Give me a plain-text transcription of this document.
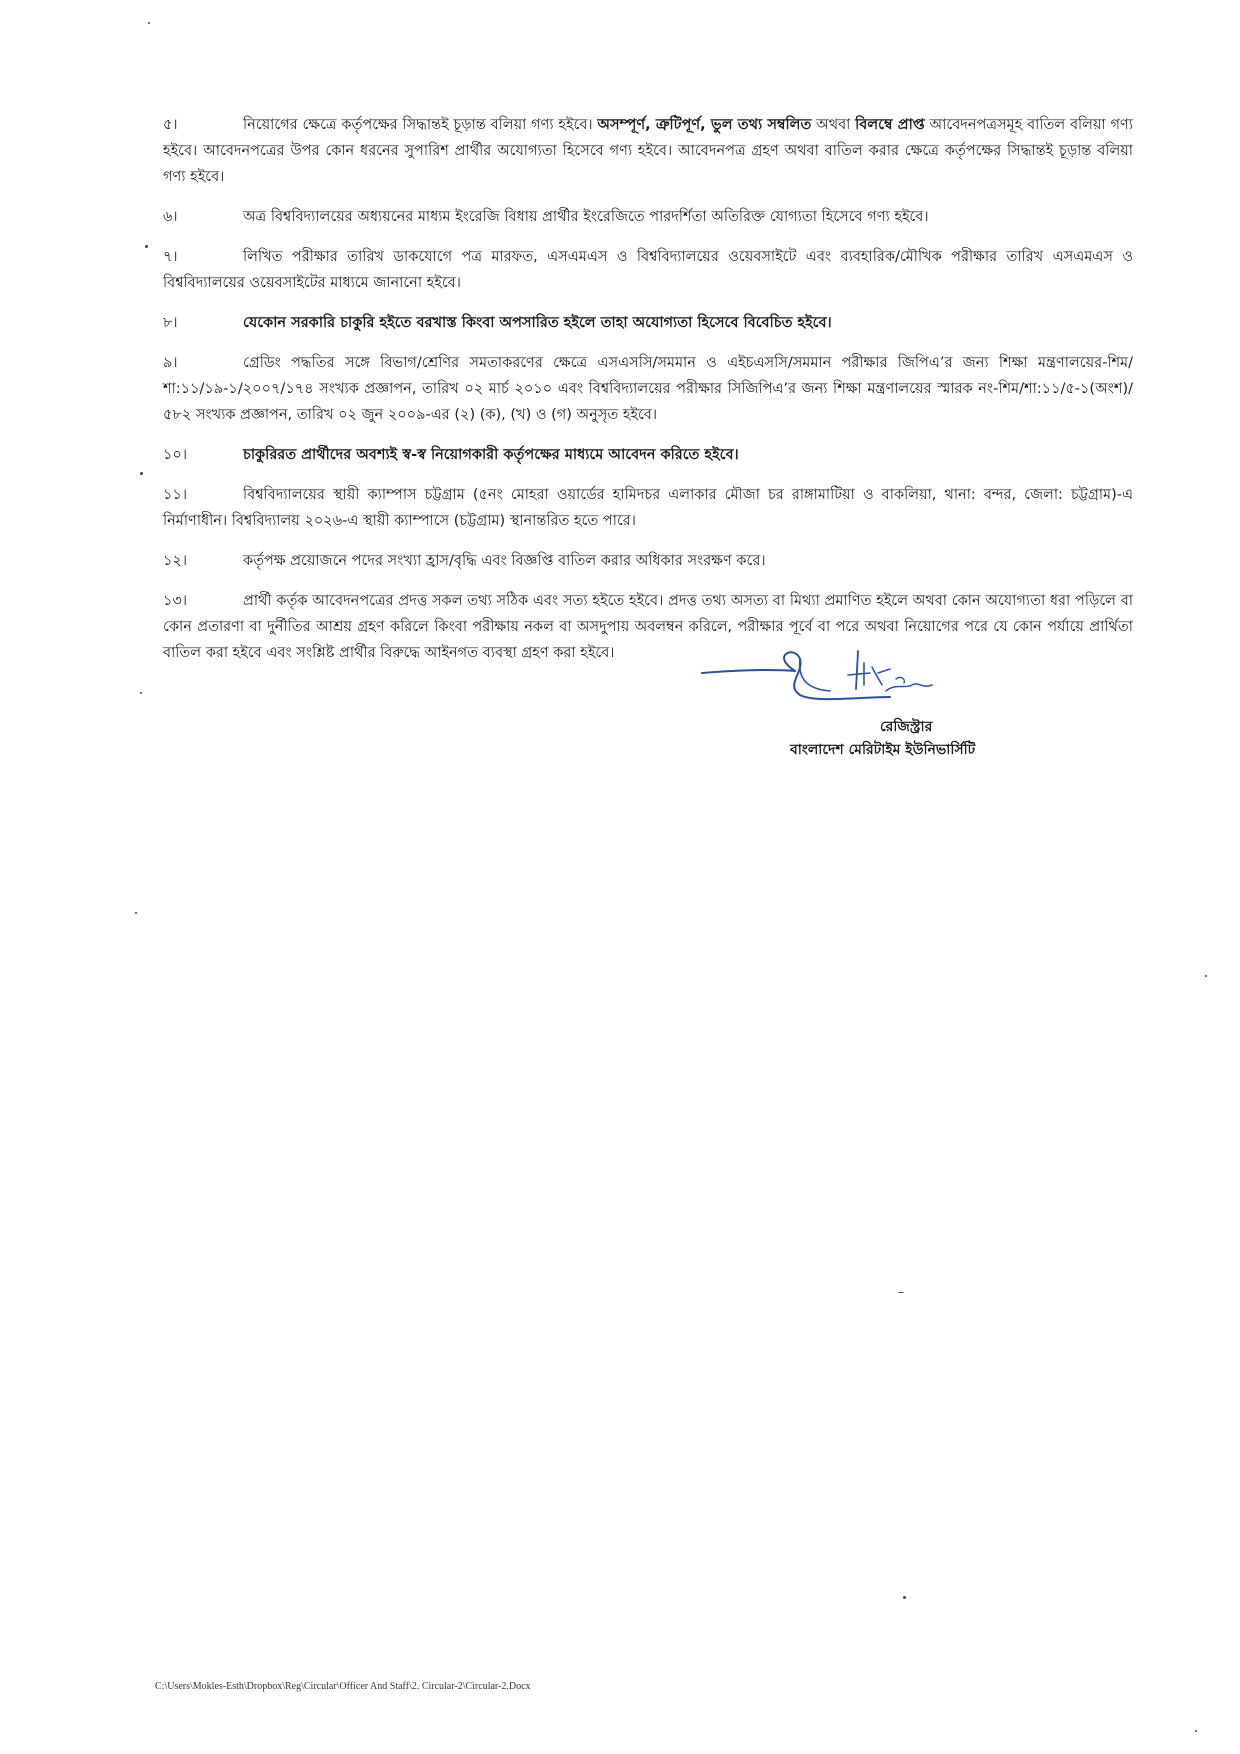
৫।	নিয়োগের ক্ষেত্রে কর্তৃপক্ষের সিদ্ধান্তই চূড়ান্ত বলিয়া গণ্য হইবে। অসম্পূর্ণ, ত্রুটিপূর্ণ, ভুল তথ্য সম্বলিত অথবা বিলম্বে প্রাপ্ত আবেদনপত্রসমূহ বাতিল বলিয়া গণ্য হইবে। আবেদনপত্রের উপর কোন ধরনের সুপারিশ প্রার্থীর অযোগ্যতা হিসেবে গণ্য হইবে। আবেদনপত্র গ্রহণ অথবা বাতিল করার ক্ষেত্রে কর্তৃপক্ষের সিদ্ধান্তই চূড়ান্ত বলিয়া গণ্য হইবে।
৬।	অত্র বিশ্ববিদ্যালয়ের অধ্যয়নের মাধ্যম ইংরেজি বিধায় প্রার্থীর ইংরেজিতে পারদর্শিতা অতিরিক্ত যোগ্যতা হিসেবে গণ্য হইবে।
৭।	লিখিত পরীক্ষার তারিখ ডাকযোগে পত্র মারফত, এসএমএস ও বিশ্ববিদ্যালয়ের ওয়েবসাইটে এবং ব্যবহারিক/মৌখিক পরীক্ষার তারিখ এসএমএস ও বিশ্ববিদ্যালয়ের ওয়েবসাইটের মাধ্যমে জানানো হইবে।
৮।	যেকোন সরকারি চাকুরি হইতে বরখাস্ত কিংবা অপসারিত হইলে তাহা অযোগ্যতা হিসেবে বিবেচিত হইবে।
৯।	গ্রেডিং পদ্ধতির সঙ্গে বিভাগ/শ্রেণির সমতাকরণের ক্ষেত্রে এসএসসি/সমমান ও এইচএসসি/সমমান পরীক্ষার জিপিএ’র জন্য শিক্ষা মন্ত্রণালয়ের-শিম/শা:১১/১৯-১/২০০৭/১৭৪ সংখ্যক প্রজ্ঞাপন, তারিখ ০২ মার্চ ২০১০ এবং বিশ্ববিদ্যালয়ের পরীক্ষার সিজিপিএ’র জন্য শিক্ষা মন্ত্রণালয়ের স্মারক নং-শিম/শা:১১/৫-১(অংশ)/৫৮২ সংখ্যক প্রজ্ঞাপন, তারিখ ০২ জুন ২০০৯-এর (২) (ক), (খ) ও (গ) অনুসৃত হইবে।
১০।	চাকুরিরত প্রার্থীদের অবশ্যই স্ব-স্ব নিয়োগকারী কর্তৃপক্ষের মাধ্যমে আবেদন করিতে হইবে।
১১।	বিশ্ববিদ্যালয়ের স্থায়ী ক্যাম্পাস চট্টগ্রাম (৫নং মোহরা ওয়ার্ডের হামিদচর এলাকার মৌজা চর রাঙ্গামাটিয়া ও বাকলিয়া, থানা: বন্দর, জেলা: চট্টগ্রাম)-এ নির্মাণাধীন। বিশ্ববিদ্যালয় ২০২৬-এ স্থায়ী ক্যাম্পাসে (চট্টগ্রাম) স্থানান্তরিত হতে পারে।
১২।	কর্তৃপক্ষ প্রয়োজনে পদের সংখ্যা হ্রাস/বৃদ্ধি এবং বিজ্ঞপ্তি বাতিল করার অধিকার সংরক্ষণ করে।
১৩।	প্রার্থী কর্তৃক আবেদনপত্রের প্রদত্ত সকল তথ্য সঠিক এবং সত্য হইতে হইবে। প্রদত্ত তথ্য অসত্য বা মিথ্যা প্রমাণিত হইলে অথবা কোন অযোগ্যতা ধরা পড়িলে বা কোন প্রতারণা বা দুর্নীতির আশ্রয় গ্রহণ করিলে কিংবা পরীক্ষায় নকল বা অসদুপায় অবলম্বন করিলে, পরীক্ষার পূর্বে বা পরে অথবা নিয়োগের পরে যে কোন পর্যায়ে প্রার্থিতা বাতিল করা হইবে এবং সংশ্লিষ্ট প্রার্থীর বিরুদ্ধে আইনগত ব্যবস্থা গ্রহণ করা হইবে।
রেজিস্ট্রার
বাংলাদেশ মেরিটাইম ইউনিভার্সিটি
C:\Users\Mokles-Esth\Dropbox\Reg\Circular\Officer And Staff\2. Circular-2\Circular-2.Docx
